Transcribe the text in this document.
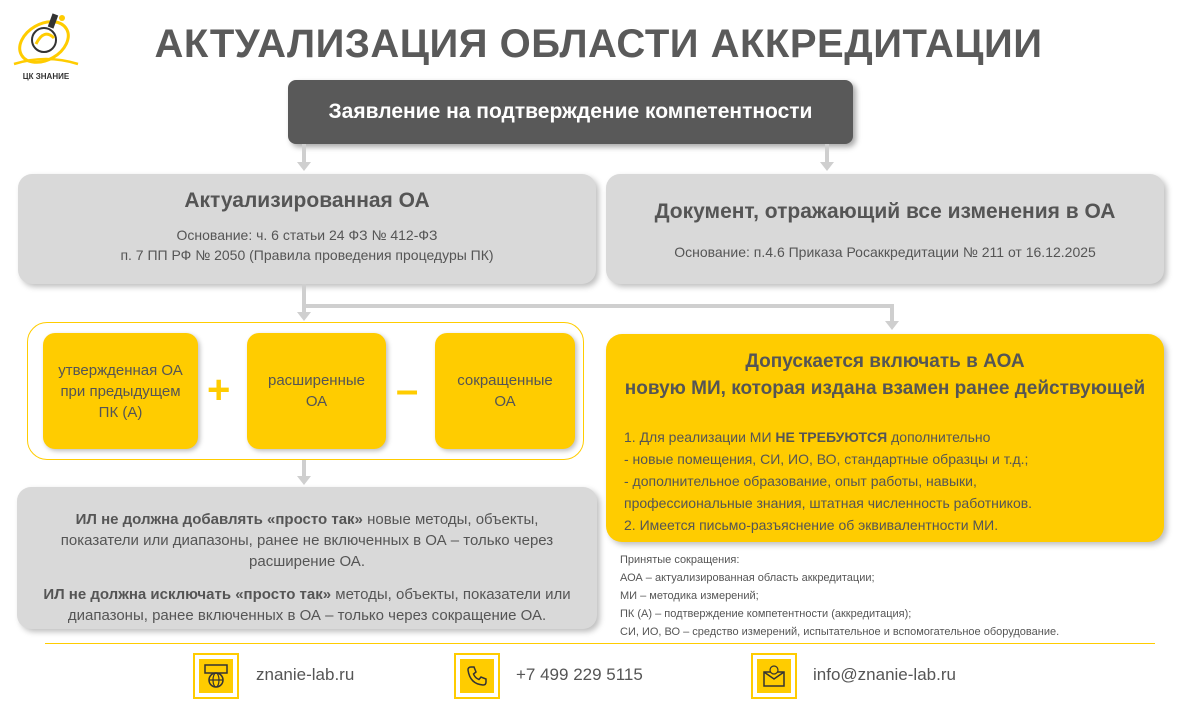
ЦК ЗНАНИЕ
АКТУАЛИЗАЦИЯ ОБЛАСТИ АККРЕДИТАЦИИ
Заявление на подтверждение компетентности
Актуализированная ОА
Основание: ч. 6 статьи 24 ФЗ № 412-ФЗ
п. 7 ПП РФ № 2050 (Правила проведения процедуры ПК)
Документ, отражающий все изменения в ОА
Основание: п.4.6 Приказа Росаккредитации № 211 от 16.12.2025
утвержденная ОА
при предыдущем
ПК (А)	+	расширенные
ОА	–	сокращенные
ОА
ИЛ не должна добавлять «просто так» новые методы, объекты, показатели или диапазоны, ранее не включенных в ОА – только через расширение ОА.
ИЛ не должна исключать «просто так» методы, объекты, показатели или диапазоны, ранее включенных в ОА – только через сокращение ОА.
Допускается включать в АОА
новую МИ, которая издана взамен ранее действующей
1. Для реализации МИ НЕ ТРЕБУЮТСЯ дополнительно
- новые помещения, СИ, ИО, ВО, стандартные образцы и т.д.;
- дополнительное образование, опыт работы, навыки,
профессиональные знания, штатная численность работников.
2. Имеется письмо-разъяснение об эквивалентности МИ.
Принятые сокращения:
АОА – актуализированная область аккредитации;
МИ – методика измерений;
ПК (А) – подтверждение компетентности (аккредитация);
СИ, ИО, ВО – средство измерений, испытательное и вспомогательное оборудование.
znanie-lab.ru	+7 499 229 5115	info@znanie-lab.ru
